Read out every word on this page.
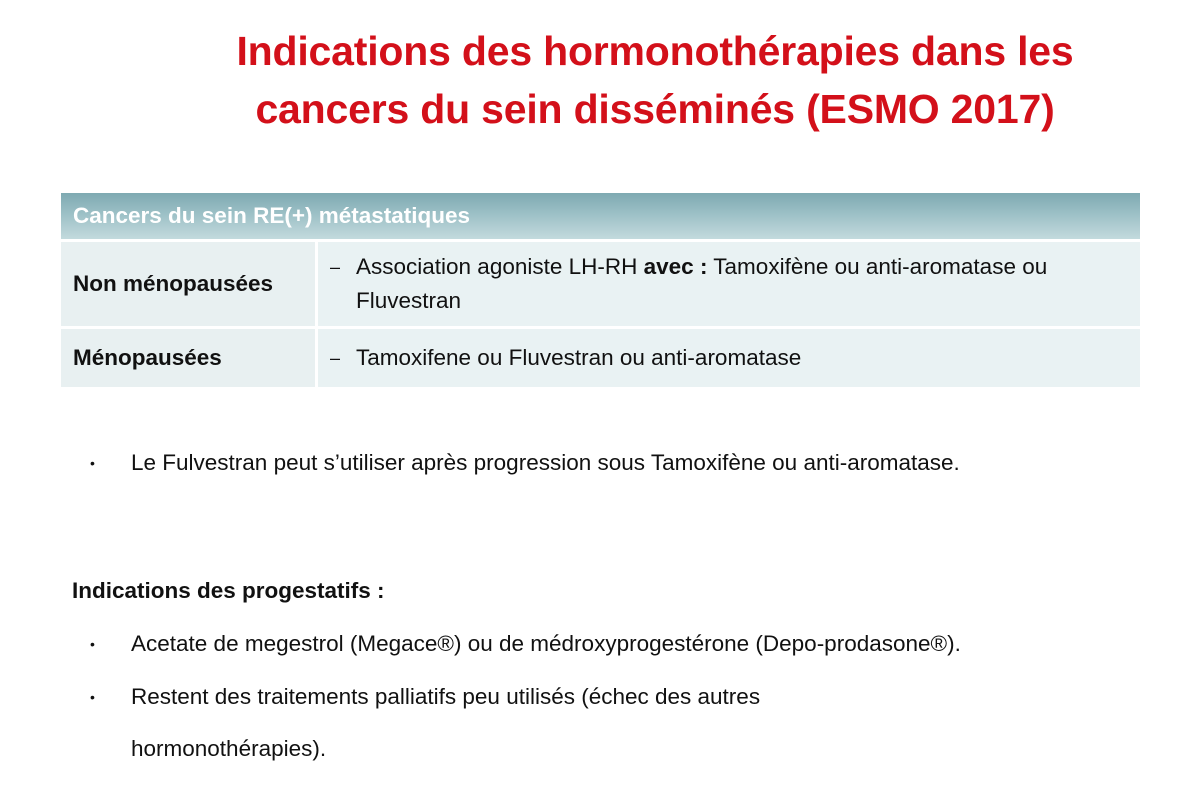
Indications des hormonothérapies dans les
cancers du sein disséminés (ESMO 2017)
Cancers du sein RE(+) métastatiques	
Non ménopausées	– Association agoniste LH-RH avec : Tamoxifène ou anti-aromatase ou Fluvestran

Ménopausées	– Tamoxifene ou Fluvestran ou anti-aromatase
•	Le Fulvestran peut s’utiliser après progression sous Tamoxifène ou anti-aromatase.
Indications des progestatifs :
•	Acetate de megestrol (Megace®) ou de médroxyprogestérone (Depo-prodasone®).
•	Restent des traitements palliatifs peu utilisés (échec des autres hormonothérapies).
